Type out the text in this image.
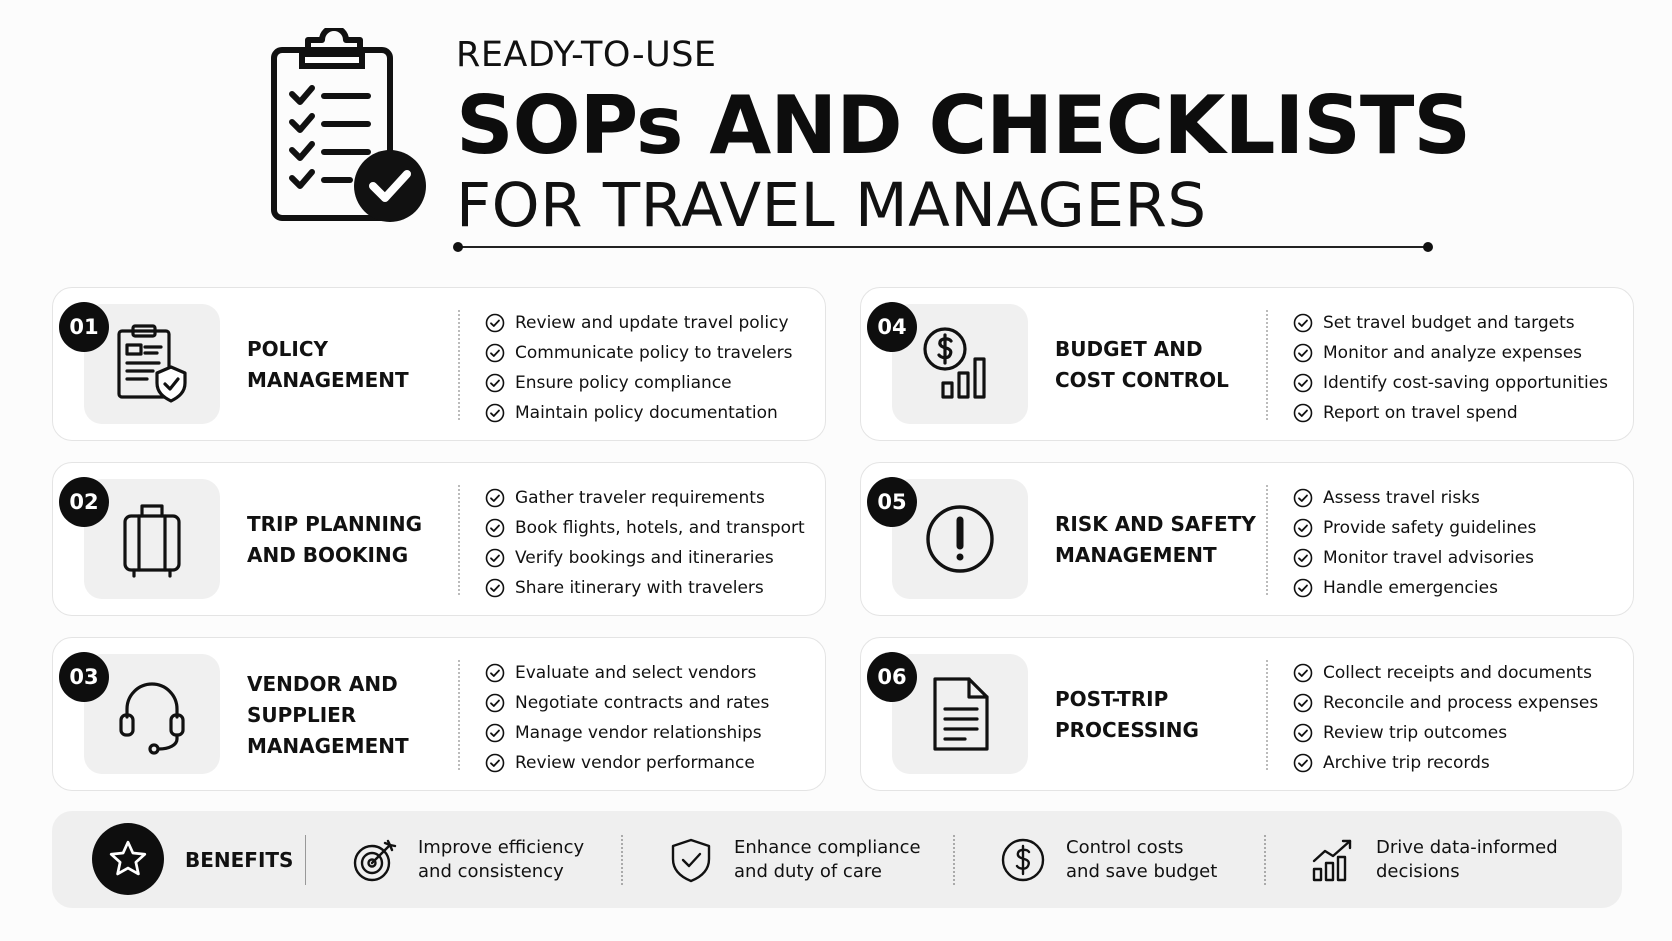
READY-TO-USE
SOPs AND CHECKLISTS
FOR TRAVEL MANAGERS
01
POLICY
MANAGEMENT
Review and update travel policy
Communicate policy to travelers
Ensure policy compliance
Maintain policy documentation
02
TRIP PLANNING
AND BOOKING
Gather traveler requirements
Book flights, hotels, and transport
Verify bookings and itineraries
Share itinerary with travelers
03	VENDOR AND
SUPPLIER
MANAGEMENT
Evaluate and select vendors
Negotiate contracts and rates
Manage vendor relationships
Review vendor performance
04
BUDGET AND
COST CONTROL
Set travel budget and targets
Monitor and analyze expenses
Identify cost-saving opportunities
Report on travel spend
05
RISK AND SAFETY
MANAGEMENT
Assess travel risks
Provide safety guidelines
Monitor travel advisories
Handle emergencies
06
POST-TRIP
PROCESSING
Collect receipts and documents
Reconcile and process expenses
Review trip outcomes
Archive trip records
BENEFITS
Improve efficiency
and consistency
Enhance compliance
and duty of care
Control costs
and save budget
Drive data-informed
decisions
